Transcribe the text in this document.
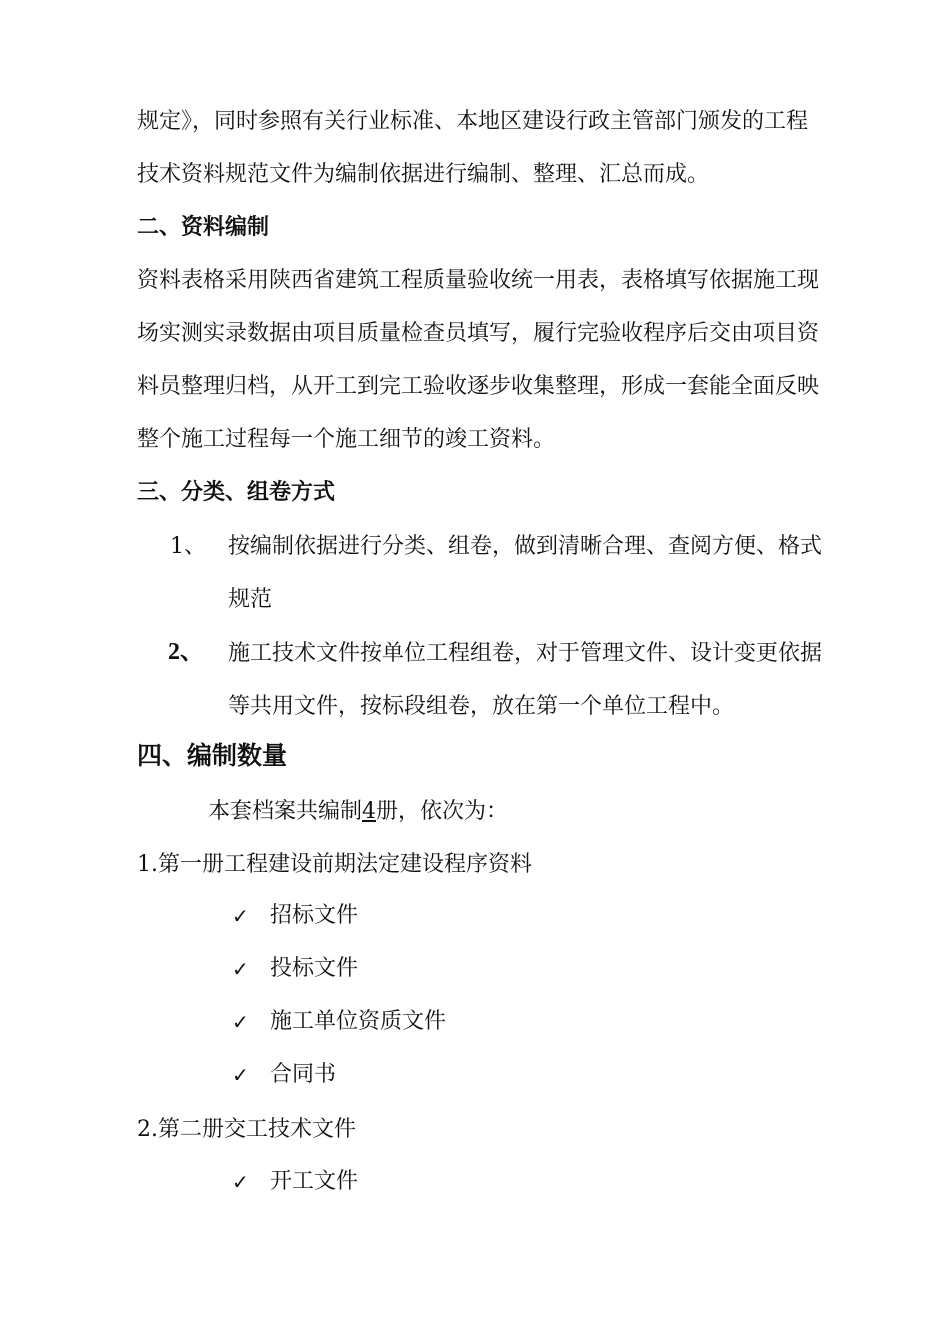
规定》，同时参照有关行业标准、本地区建设行政主管部门颁发的工程
技术资料规范文件为编制依据进行编制、整理、汇总而成。
二、资料编制
资料表格采用陕西省建筑工程质量验收统一用表，表格填写依据施工现
场实测实录数据由项目质量检查员填写，履行完验收程序后交由项目资
料员整理归档，从开工到完工验收逐步收集整理，形成一套能全面反映
整个施工过程每一个施工细节的竣工资料。
三、分类、组卷方式
1、 按编制依据进行分类、组卷，做到清晰合理、查阅方便、格式
规范
2、 施工技术文件按单位工程组卷，对于管理文件、设计变更依据
等共用文件，按标段组卷，放在第一个单位工程中。
四、编制数量
本套档案共编制4册，依次为：
1.第一册工程建设前期法定建设程序资料
✓ 招标文件
✓ 投标文件
✓ 施工单位资质文件
✓ 合同书
2.第二册交工技术文件
✓ 开工文件
